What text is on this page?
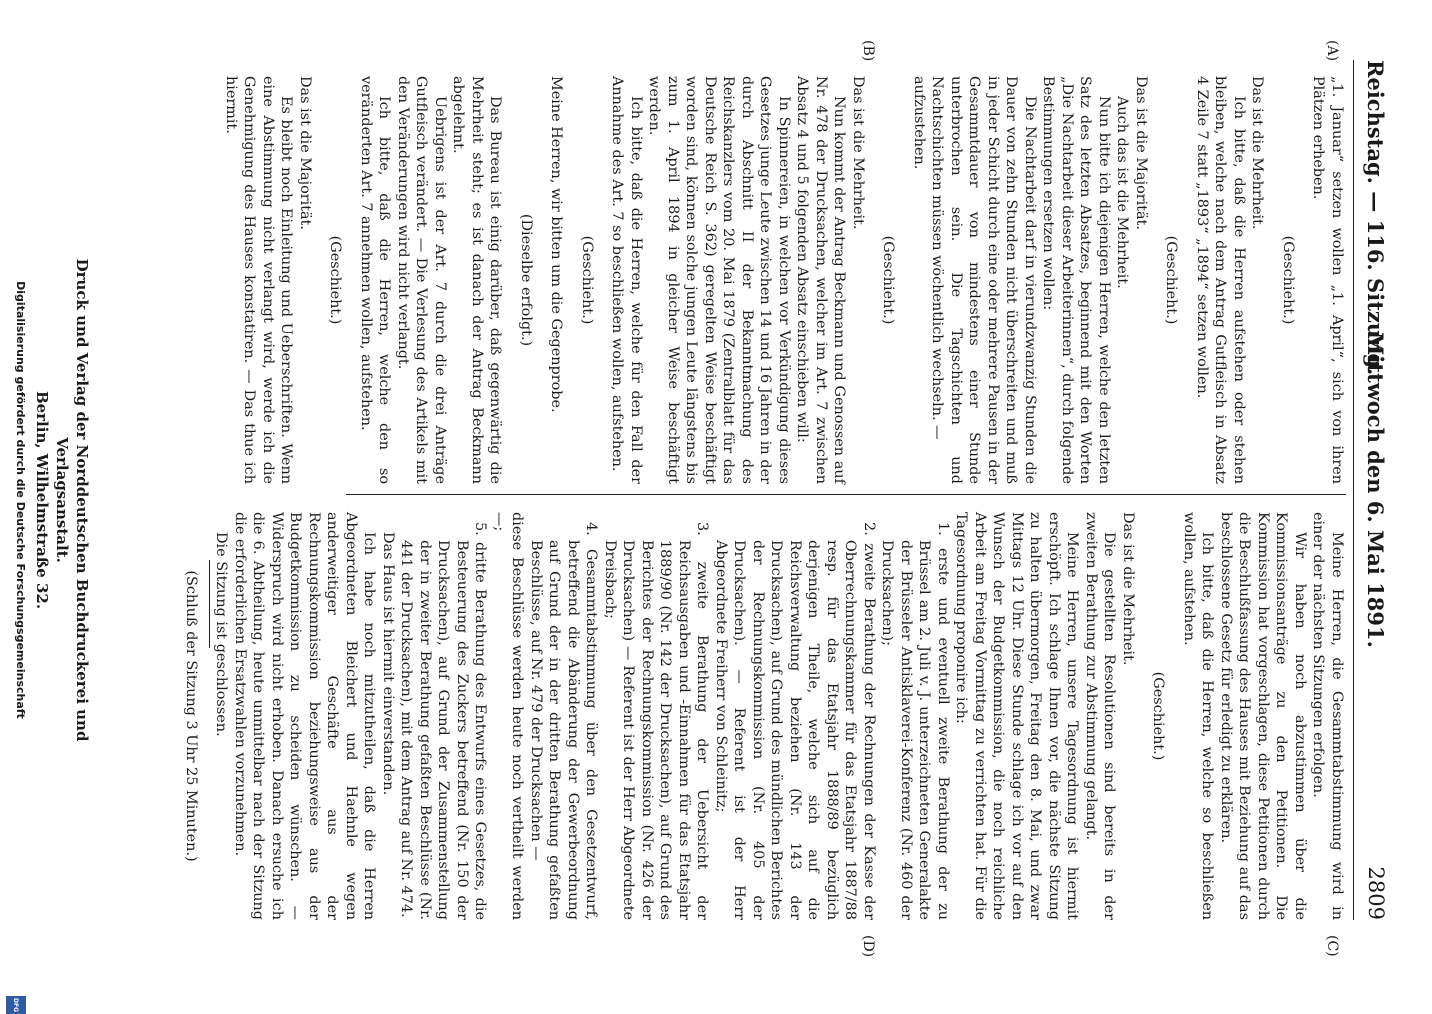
Reichstag. — 116. Sitzung.
Mittwoch den 6. Mai 1891.
2809
(A)
(B)
(C)
(D)

„1. Januar“ setzen wollen „1. April“, sich von ihren Plätzen erheben.

(Geschieht.)

Das ist die Mehrheit.

Ich bitte, daß die Herren aufstehen oder stehen bleiben, welche nach dem Antrag Gutfleisch in Absatz 4 Zeile 7 statt „1893“ „1894“ setzen wollen.

(Geschieht.)

Das ist die Majorität.

Auch das ist die Mehrheit.

Nun bitte ich diejenigen Herren, welche den letzten Satz des letzten Absatzes, beginnend mit den Worten „Die Nachtarbeit dieser Arbeiterinnen“, durch folgende Bestimmungen ersetzen wollen:

Die Nachtarbeit darf in vierundzwanzig Stunden die Dauer von zehn Stunden nicht überschreiten und muß in jeder Schicht durch eine oder mehrere Pausen in der Gesammtdauer von mindestens einer Stunde unterbrochen sein. Die Tagschichten und Nachtschichten müssen wöchentlich wechseln. —

aufzustehen.

(Geschieht.)

Das ist die Mehrheit.

Nun kommt der Antrag Beckmann und Genossen auf Nr. 478 der Drucksachen, welcher im Art. 7 zwischen Absatz 4 und 5 folgenden Absatz einschieben will:

In Spinnereien, in welchen vor Verkündigung dieses Gesetzes junge Leute zwischen 14 und 16 Jahren in der durch Abschnitt II der Bekanntmachung des Reichskanzlers vom 20. Mai 1879 (Zentralblatt für das Deutsche Reich S. 362) geregelten Weise beschäftigt worden sind, können solche jungen Leute längstens bis zum 1. April 1894 in gleicher Weise beschäftigt werden.

Ich bitte, daß die Herren, welche für den Fall der Annahme des Art. 7 so beschließen wollen, aufstehen.

(Geschieht.)

Meine Herren, wir bitten um die Gegenprobe.

(Dieselbe erfolgt.)

Das Bureau ist einig darüber, daß gegenwärtig die Mehrheit steht; es ist danach der Antrag Beckmann abgelehnt.

Uebrigens ist der Art. 7 durch die drei Anträge Gutfleisch verändert. — Die Verlesung des Artikels mit den Veränderungen wird nicht verlangt.

Ich bitte, daß die Herren, welche den so veränderten Art. 7 annehmen wollen, aufstehen.

(Geschieht.)

Das ist die Majorität.

Es bleibt noch Einleitung und Ueberschriften. Wenn eine Abstimmung nicht verlangt wird, werde ich die Genehmigung des Hauses konstatiren. — Das thue ich hiermit.

Meine Herren, die Gesammtabstimmung wird in einer der nächsten Sitzungen erfolgen.

Wir haben noch abzustimmen über die Kommissionsanträge zu den Petitionen. Die Kommission hat vorgeschlagen, diese Petitionen durch die Beschlußfassung des Hauses mit Beziehung auf das beschlossene Gesetz für erledigt zu erklären.

Ich bitte, daß die Herren, welche so beschließen wollen, aufstehen.

(Geschieht.)

Das ist die Mehrheit.

Die gestellten Resolutionen sind bereits in der zweiten Berathung zur Abstimmung gelangt.

Meine Herren, unsere Tagesordnung ist hiermit erschöpft. Ich schlage Ihnen vor, die nächste Sitzung zu halten übermorgen, Freitag den 8. Mai, und zwar Mittags 12 Uhr. Diese Stunde schlage ich vor auf den Wunsch der Budgetkommission, die noch reichliche Arbeit am Freitag Vormittag zu verrichten hat. Für die Tagesordnung proponire ich:

1. erste und eventuell zweite Berathung der zu Brüssel am 2. Juli v. J. unterzeichneten Generalakte der Brüsseler Antisklaverei-Konferenz (Nr. 460 der Drucksachen);

2. zweite Berathung der Rechnungen der Kasse der Oberrechnungskammer für das Etatsjahr 1887/88 resp. für das Etatsjahr 1888/89 bezüglich derjenigen Theile, welche sich auf die Reichsverwaltung beziehen (Nr. 143 der Drucksachen), auf Grund des mündlichen Berichtes der Rechnungskommission (Nr. 405 der Drucksachen). — Referent ist der Herr Abgeordnete Freiherr von Schleinitz;

3. zweite Berathung der Uebersicht der Reichsausgaben und -Einnahmen für das Etatsjahr 1889/90 (Nr. 142 der Drucksachen), auf Grund des Berichtes der Rechnungskommission (Nr. 426 der Drucksachen) — Referent ist der Herr Abgeordnete Dreisbach;

4. Gesammtabstimmung über den Gesetzentwurf, betreffend die Abänderung der Gewerbeordnung auf Grund der in der dritten Berathung gefaßten Beschlüsse, auf Nr. 479 der Drucksachen —

diese Beschlüsse werden heute noch vertheilt werden —;

5. dritte Berathung des Entwurfs eines Gesetzes, die Besteuerung des Zuckers betreffend (Nr. 150 der Drucksachen), auf Grund der Zusammenstellung der in zweiter Berathung gefaßten Beschlüsse (Nr. 441 der Drucksachen), mit dem Antrag auf Nr. 474.

Das Haus ist hiermit einverstanden.

Ich habe noch mitzutheilen, daß die Herren Abgeordneten Bleichert und Haehnle wegen anderweitiger Geschäfte aus der Rechnungskommission beziehungsweise aus der Budgetkommission zu scheiden wünschen. — Widerspruch wird nicht erhoben. Danach ersuche ich die 6. Abtheilung, heute unmittelbar nach der Sitzung die erforderlichen Ersatzwahlen vorzunehmen.

Die Sitzung ist geschlossen.

(Schluß der Sitzung 3 Uhr 25 Minuten.)

Druck und Verlag der Norddeutschen Buchdruckerei und Verlagsanstalt.
Berlin, Wilhelmstraße 32.
Digitalisierung gefördert durch die Deutsche Forschungsgemeinschaft
DFG
